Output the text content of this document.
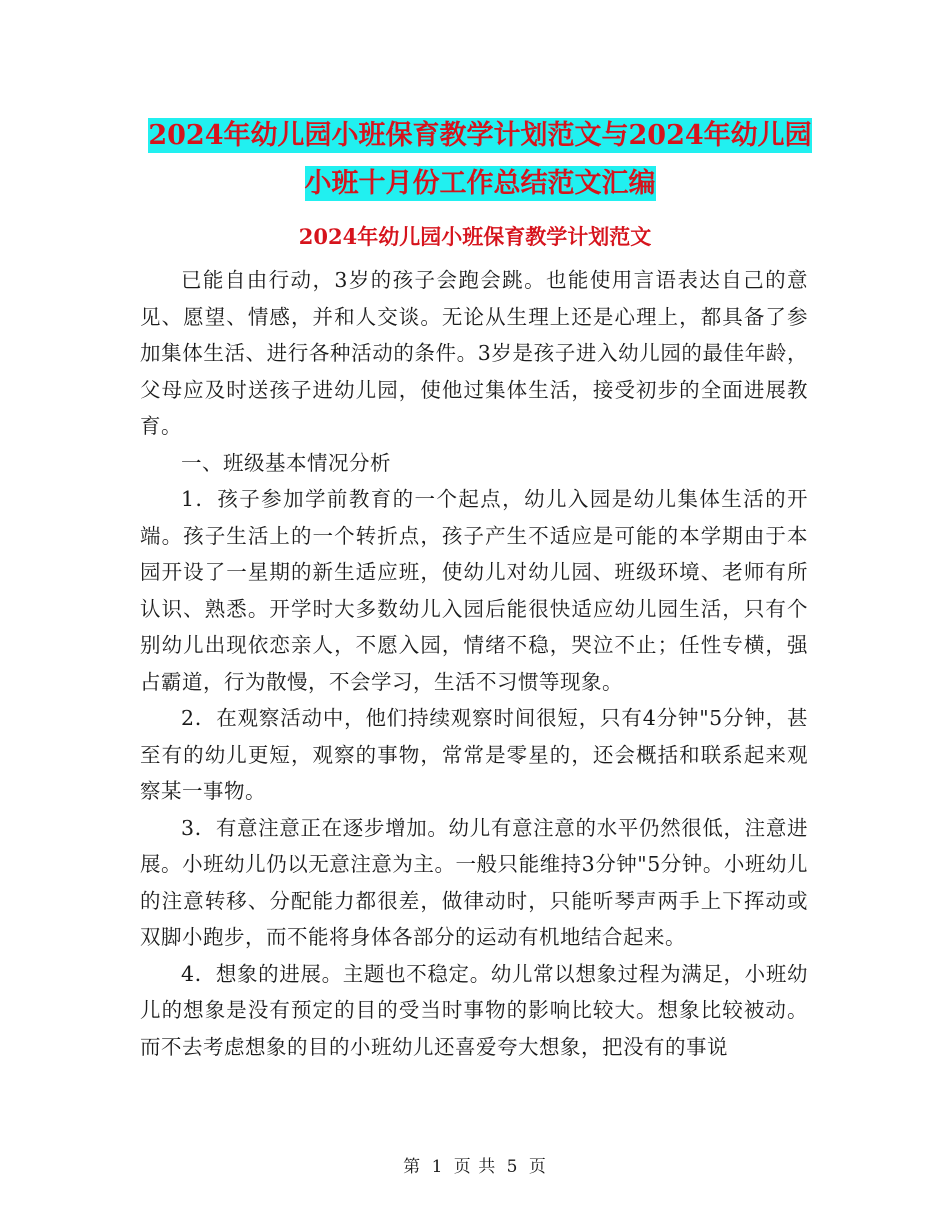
2024年幼儿园小班保育教学计划范文与2024年幼儿园
小班十月份工作总结范文汇编
2024年幼儿园小班保育教学计划范文

已能自由行动，3岁的孩子会跑会跳。也能使用言语表达自己的意见、愿望、情感，并和人交谈。无论从生理上还是心理上，都具备了参加集体生活、进行各种活动的条件。3岁是孩子进入幼儿园的最佳年龄，父母应及时送孩子进幼儿园，使他过集体生活，接受初步的全面进展教育。

一、班级基本情况分析

1．孩子参加学前教育的一个起点，幼儿入园是幼儿集体生活的开端。孩子生活上的一个转折点，孩子产生不适应是可能的本学期由于本园开设了一星期的新生适应班，使幼儿对幼儿园、班级环境、老师有所认识、熟悉。开学时大多数幼儿入园后能很快适应幼儿园生活，只有个别幼儿出现依恋亲人，不愿入园，情绪不稳，哭泣不止；任性专横，强占霸道，行为散慢，不会学习，生活不习惯等现象。

2．在观察活动中，他们持续观察时间很短，只有4分钟"5分钟，甚至有的幼儿更短，观察的事物，常常是零星的，还会概括和联系起来观察某一事物。

3．有意注意正在逐步增加。幼儿有意注意的水平仍然很低，注意进展。小班幼儿仍以无意注意为主。一般只能维持3分钟"5分钟。小班幼儿的注意转移、分配能力都很差，做律动时，只能听琴声两手上下挥动或双脚小跑步，而不能将身体各部分的运动有机地结合起来。

4．想象的进展。主题也不稳定。幼儿常以想象过程为满足，小班幼儿的想象是没有预定的目的受当时事物的影响比较大。想象比较被动。而不去考虑想象的目的小班幼儿还喜爱夸大想象，把没有的事说

第 1 页 共 5 页
